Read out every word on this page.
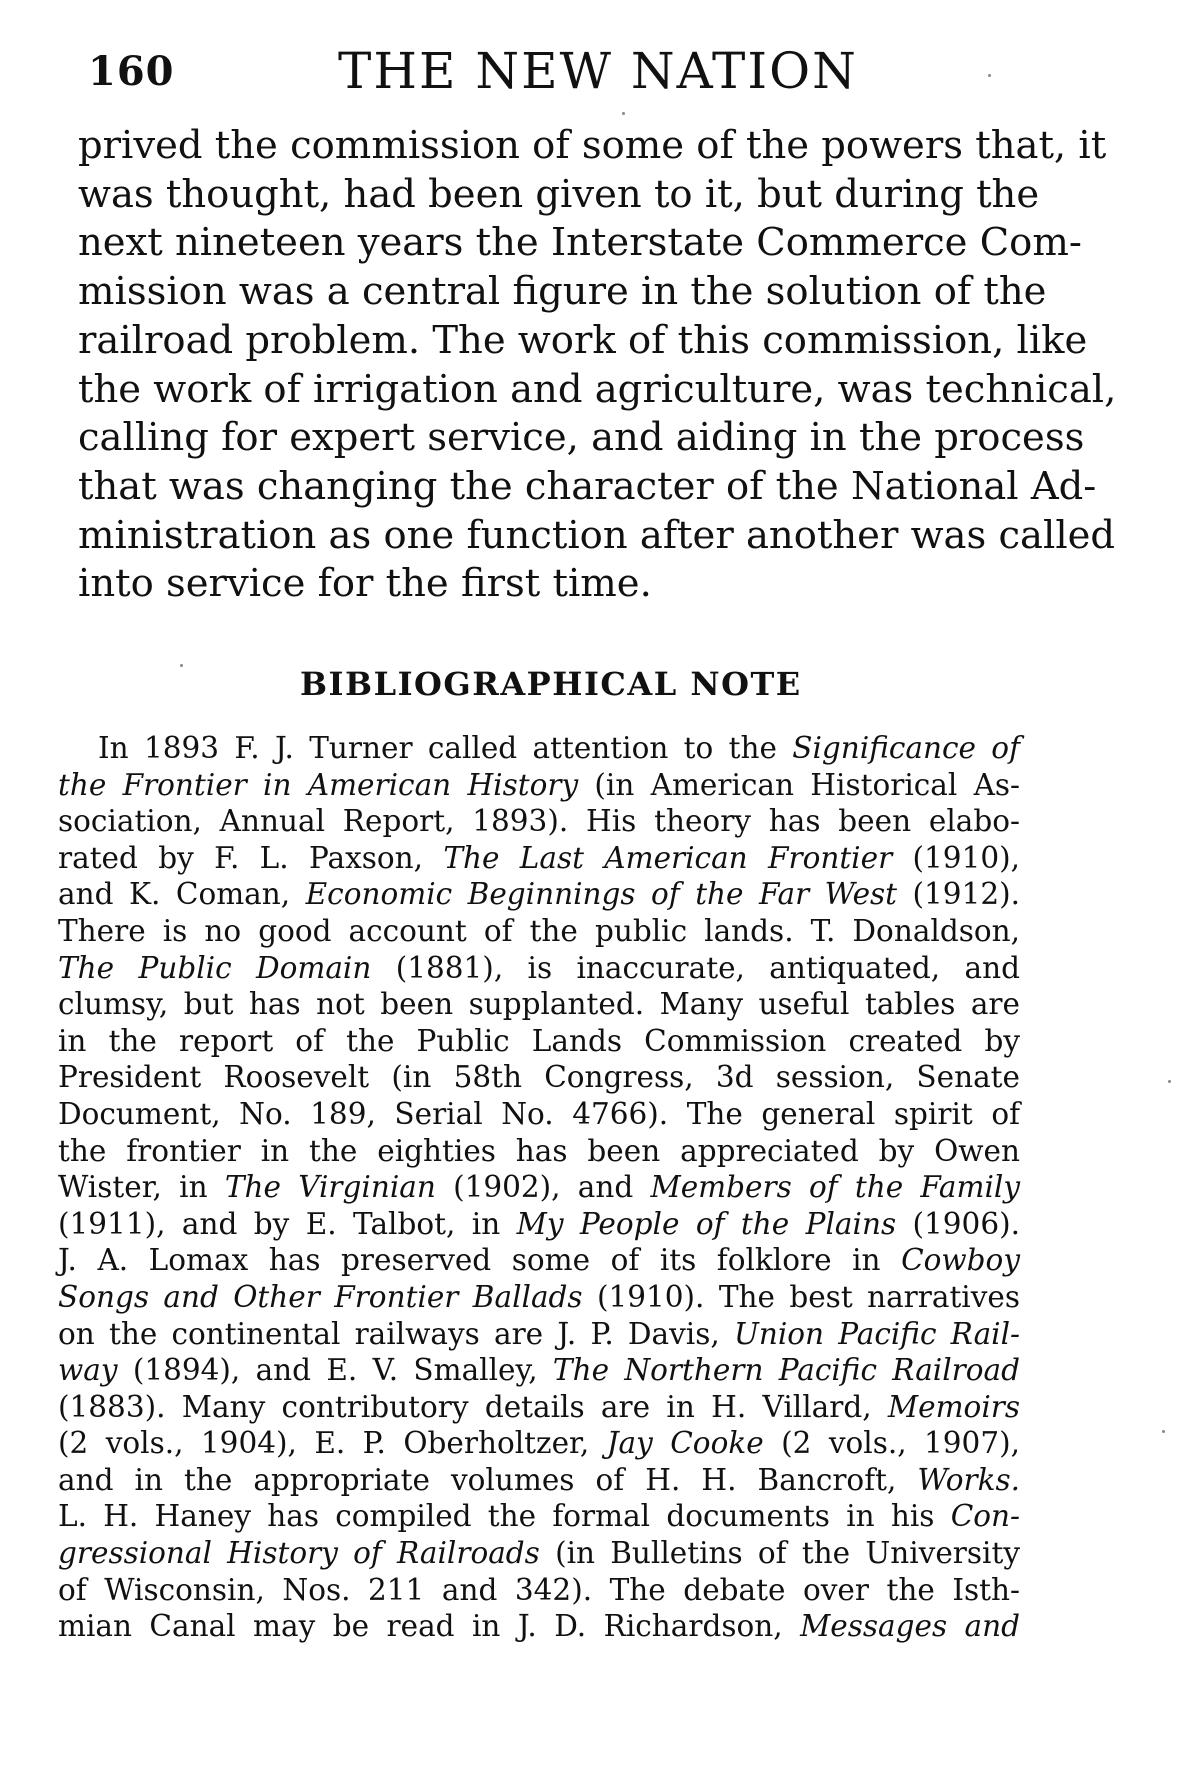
160	THE NEW NATION

prived the commission of some of the powers that, it
was thought, had been given to it, but during the
next nineteen years the Interstate Commerce Com-
mission was a central figure in the solution of the
railroad problem. The work of this commission, like
the work of irrigation and agriculture, was technical,
calling for expert service, and aiding in the process
that was changing the character of the National Ad-
ministration as one function after another was called
into service for the first time.

BIBLIOGRAPHICAL NOTE

In 1893 F. J. Turner called attention to the Significance of
the Frontier in American History (in American Historical As-
sociation, Annual Report, 1893). His theory has been elabo-
rated by F. L. Paxson, The Last American Frontier (1910),
and K. Coman, Economic Beginnings of the Far West (1912).
There is no good account of the public lands. T. Donaldson,
The Public Domain (1881), is inaccurate, antiquated, and
clumsy, but has not been supplanted. Many useful tables are
in the report of the Public Lands Commission created by
President Roosevelt (in 58th Congress, 3d session, Senate
Document, No. 189, Serial No. 4766). The general spirit of
the frontier in the eighties has been appreciated by Owen
Wister, in The Virginian (1902), and Members of the Family
(1911), and by E. Talbot, in My People of the Plains (1906).
J. A. Lomax has preserved some of its folklore in Cowboy
Songs and Other Frontier Ballads (1910). The best narratives
on the continental railways are J. P. Davis, Union Pacific Rail-
way (1894), and E. V. Smalley, The Northern Pacific Railroad
(1883). Many contributory details are in H. Villard, Memoirs
(2 vols., 1904), E. P. Oberholtzer, Jay Cooke (2 vols., 1907),
and in the appropriate volumes of H. H. Bancroft, Works.
L. H. Haney has compiled the formal documents in his Con-
gressional History of Railroads (in Bulletins of the University
of Wisconsin, Nos. 211 and 342). The debate over the Isth-
mian Canal may be read in J. D. Richardson, Messages and
